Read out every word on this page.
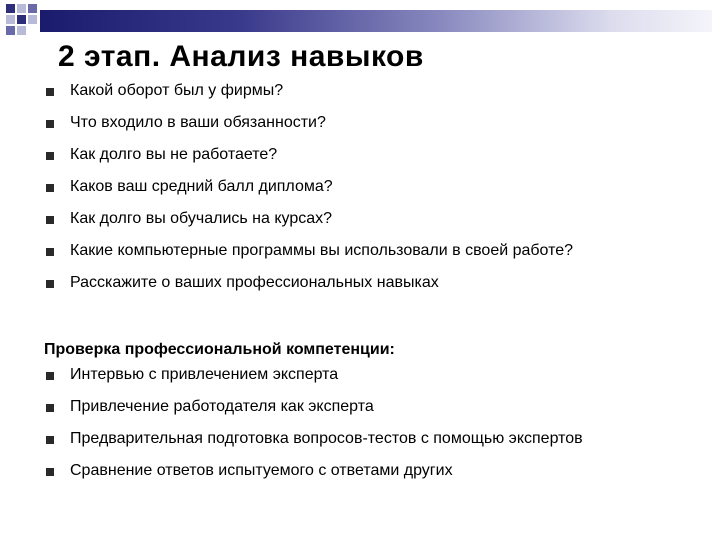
2 этап. Анализ навыков
Какой оборот был у фирмы?
Что входило в ваши обязанности?
Как долго вы не работаете?
Каков ваш средний балл диплома?
Как долго вы обучались на курсах?
Какие компьютерные программы вы использовали в своей работе?
Расскажите о ваших профессиональных навыках

Проверка профессиональной компетенции:

Интервью с привлечением эксперта
Привлечение работодателя как эксперта
Предварительная подготовка вопросов-тестов с помощью экспертов
Сравнение ответов испытуемого с ответами других
